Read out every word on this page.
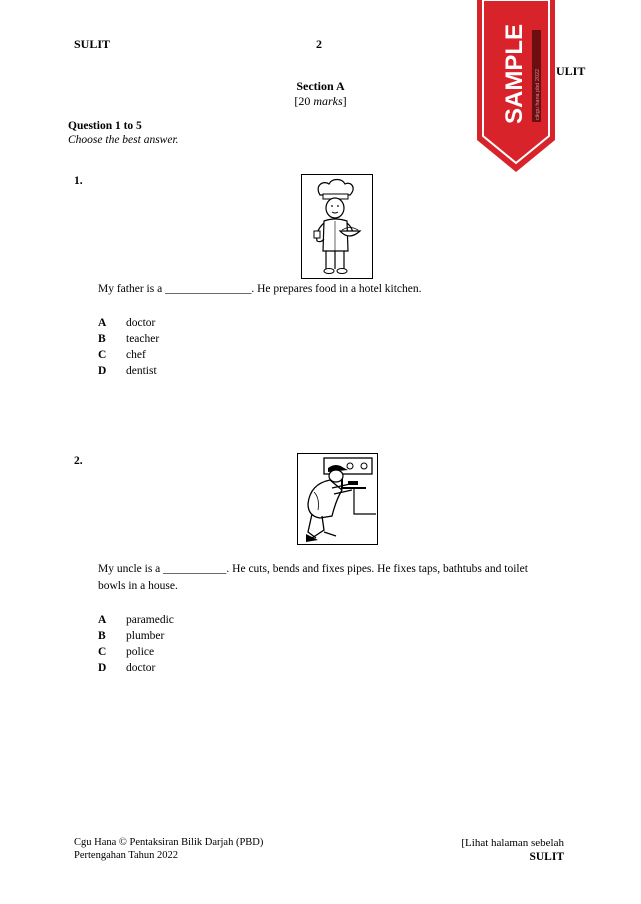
SULIT	2
ULIT
SAMPLE cikgu hana pbd 2022
Section A
[20 marks]
Question 1 to 5
Choose the best answer.
1.
My father is a _______________. He prepares food in a hotel kitchen.
A doctor
B teacher
C chef
D dentist
2.
My uncle is a ___________. He cuts, bends and fixes pipes. He fixes taps, bathtubs and toilet
bowls in a house.
A paramedic
B plumber
C police
D doctor
Cgu Hana © Pentaksiran Bilik Darjah (PBD)
Pertengahan Tahun 2022
[Lihat halaman sebelah
SULIT
